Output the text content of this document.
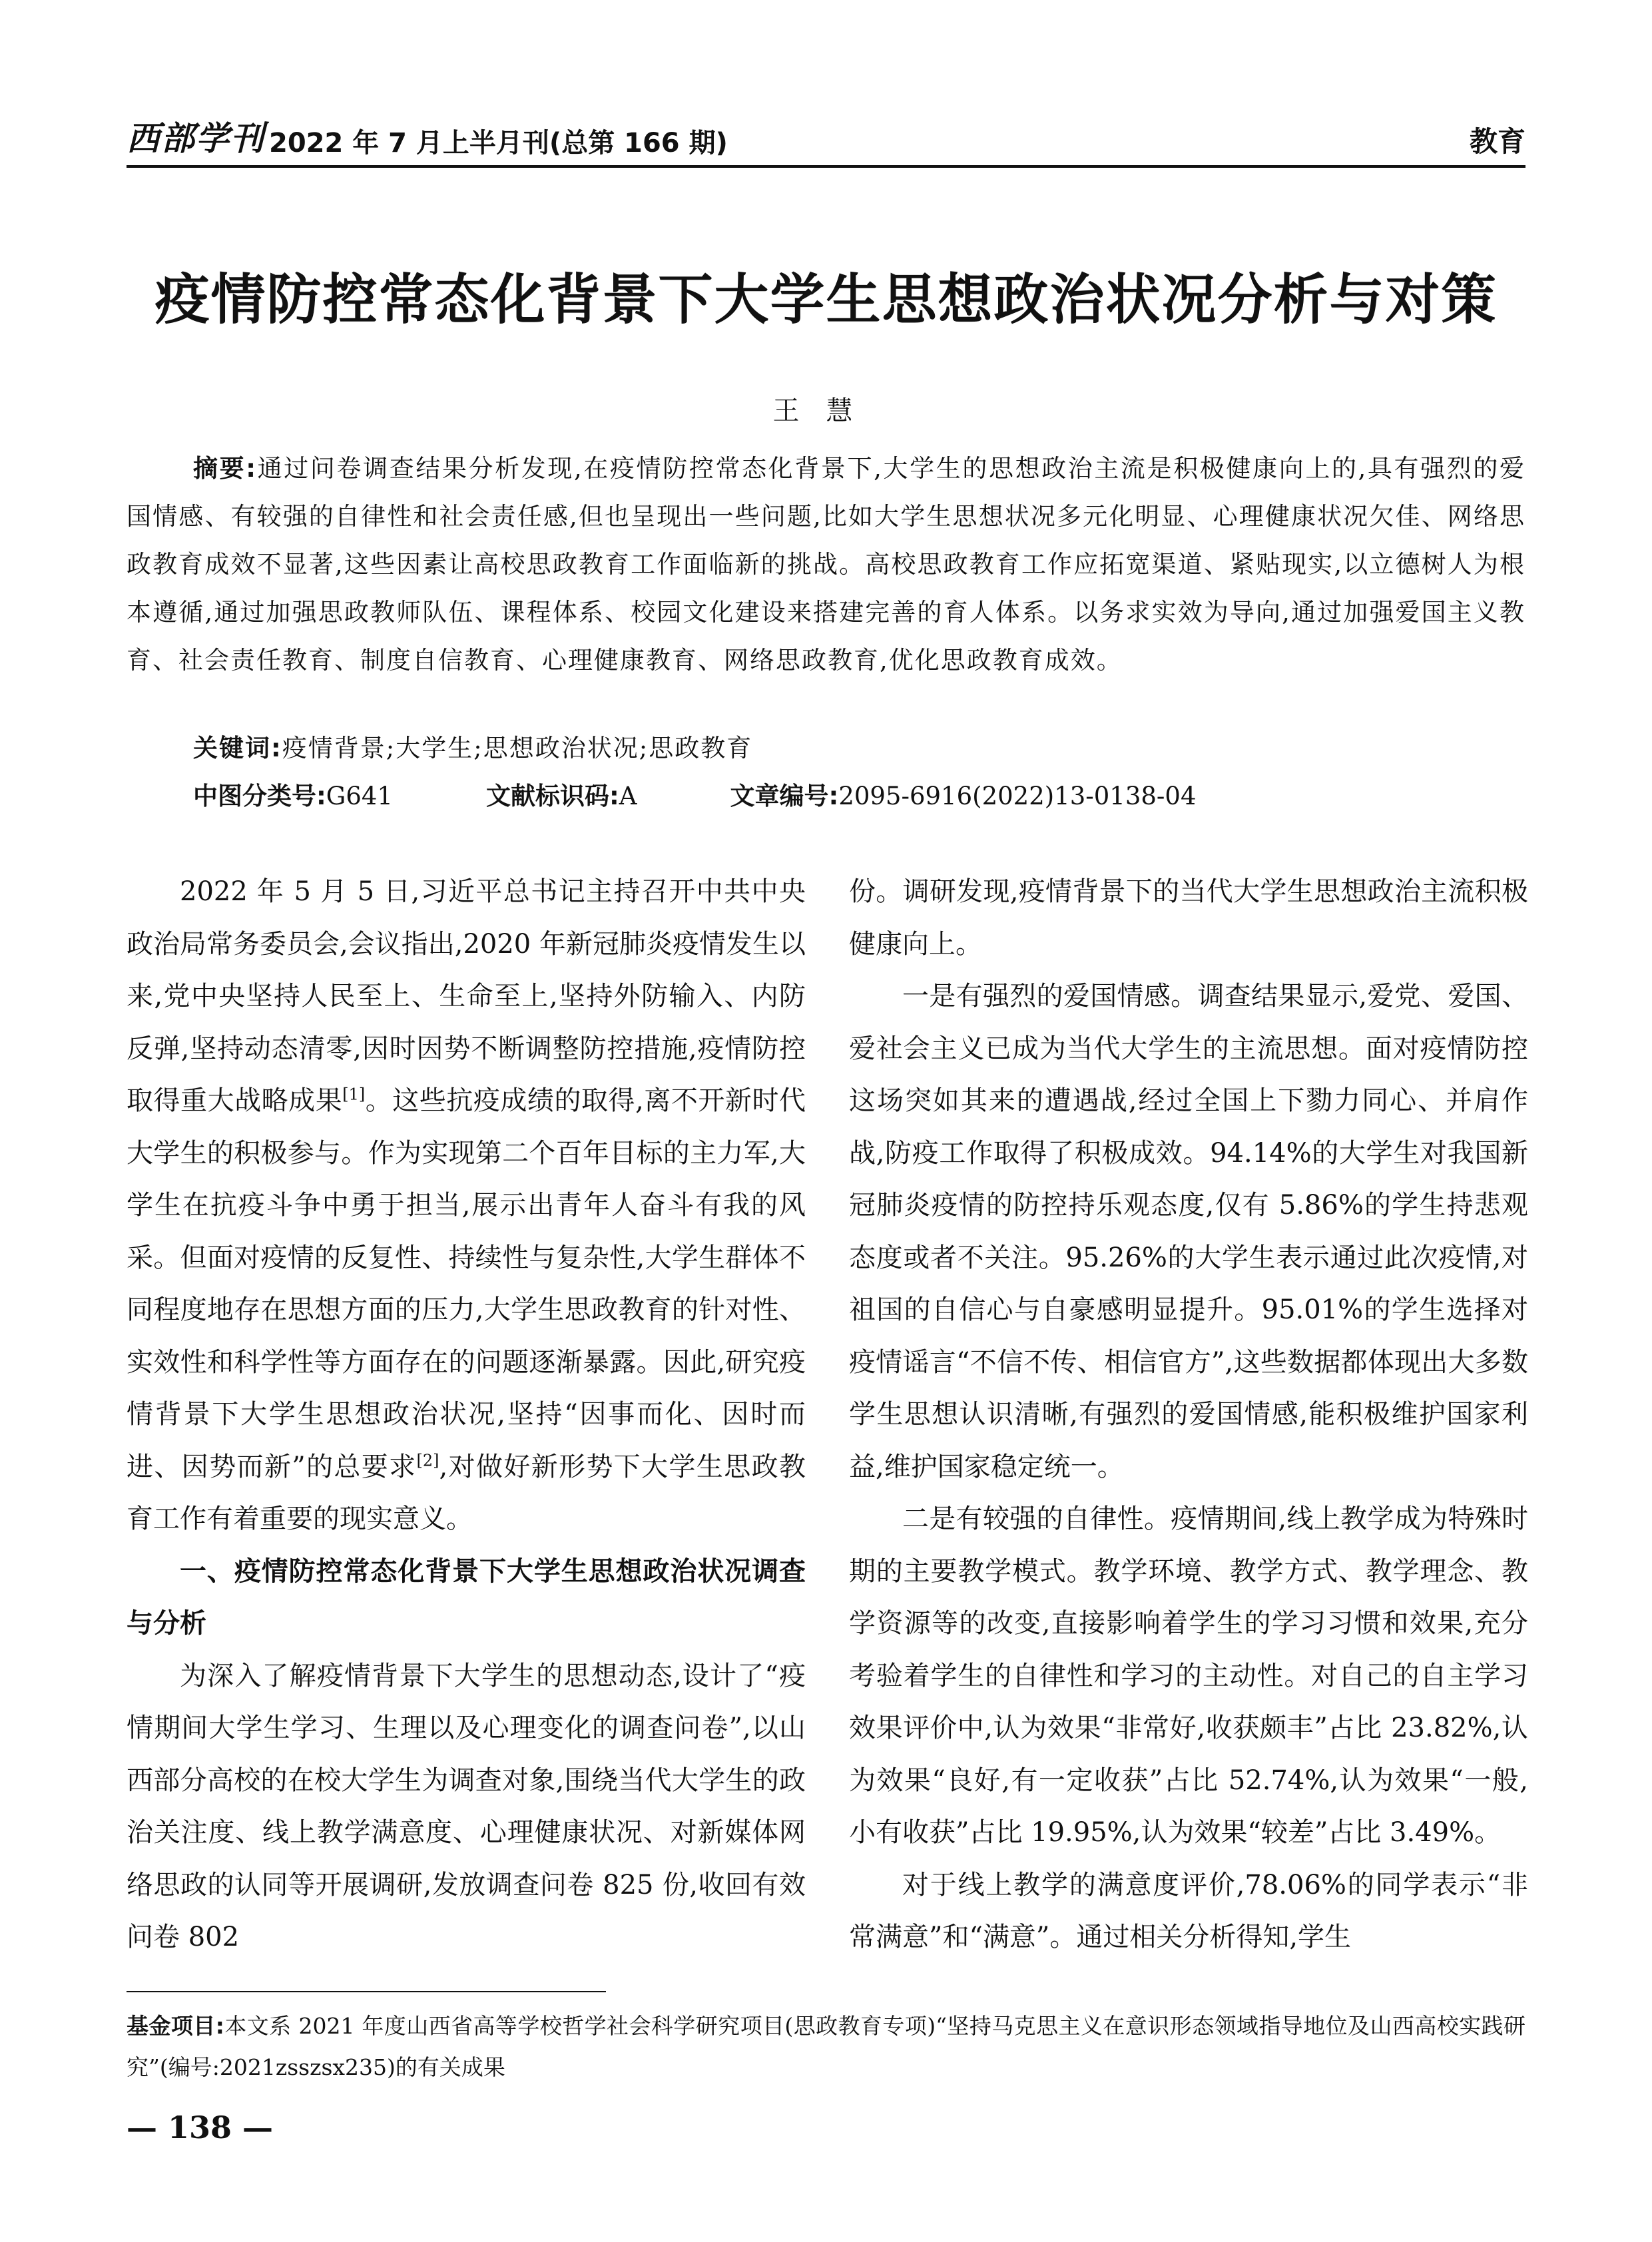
西部学刊 2022 年 7 月上半月刊(总第 166 期)	教育
疫情防控常态化背景下大学生思想政治状况分析与对策
王慧

摘要:通过问卷调查结果分析发现,在疫情防控常态化背景下,大学生的思想政治主流是积极健康向上的,具有强烈的爱国情感、有较强的自律性和社会责任感,但也呈现出一些问题,比如大学生思想状况多元化明显、心理健康状况欠佳、网络思政教育成效不显著,这些因素让高校思政教育工作面临新的挑战。高校思政教育工作应拓宽渠道、紧贴现实,以立德树人为根本遵循,通过加强思政教师队伍、课程体系、校园文化建设来搭建完善的育人体系。以务求实效为导向,通过加强爱国主义教育、社会责任教育、制度自信教育、心理健康教育、网络思政教育,优化思政教育成效。

关键词:疫情背景;大学生;思想政治状况;思政教育
中图分类号:G641	文献标识码:A	文章编号:2095-6916(2022)13-0138-04

2022 年 5 月 5 日,习近平总书记主持召开中共中央政治局常务委员会,会议指出,2020 年新冠肺炎疫情发生以来,党中央坚持人民至上、生命至上,坚持外防输入、内防反弹,坚持动态清零,因时因势不断调整防控措施,疫情防控取得重大战略成果[1]。这些抗疫成绩的取得,离不开新时代大学生的积极参与。作为实现第二个百年目标的主力军,大学生在抗疫斗争中勇于担当,展示出青年人奋斗有我的风采。但面对疫情的反复性、持续性与复杂性,大学生群体不同程度地存在思想方面的压力,大学生思政教育的针对性、实效性和科学性等方面存在的问题逐渐暴露。因此,研究疫情背景下大学生思想政治状况,坚持“因事而化、因时而进、因势而新”的总要求[2],对做好新形势下大学生思政教育工作有着重要的现实意义。

一、疫情防控常态化背景下大学生思想政治状况调查与分析

为深入了解疫情背景下大学生的思想动态,设计了“疫情期间大学生学习、生理以及心理变化的调查问卷”,以山西部分高校的在校大学生为调查对象,围绕当代大学生的政治关注度、线上教学满意度、心理健康状况、对新媒体网络思政的认同等开展调研,发放调查问卷 825 份,收回有效问卷 802

份。调研发现,疫情背景下的当代大学生思想政治主流积极健康向上。

一是有强烈的爱国情感。调查结果显示,爱党、爱国、爱社会主义已成为当代大学生的主流思想。面对疫情防控这场突如其来的遭遇战,经过全国上下勠力同心、并肩作战,防疫工作取得了积极成效。94.14%的大学生对我国新冠肺炎疫情的防控持乐观态度,仅有 5.86%的学生持悲观态度或者不关注。95.26%的大学生表示通过此次疫情,对祖国的自信心与自豪感明显提升。95.01%的学生选择对疫情谣言“不信不传、相信官方”,这些数据都体现出大多数学生思想认识清晰,有强烈的爱国情感,能积极维护国家利益,维护国家稳定统一。

二是有较强的自律性。疫情期间,线上教学成为特殊时期的主要教学模式。教学环境、教学方式、教学理念、教学资源等的改变,直接影响着学生的学习习惯和效果,充分考验着学生的自律性和学习的主动性。对自己的自主学习效果评价中,认为效果“非常好,收获颇丰”占比 23.82%,认为效果“良好,有一定收获”占比 52.74%,认为效果“一般,小有收获”占比 19.95%,认为效果“较差”占比 3.49%。

对于线上教学的满意度评价,78.06%的同学表示“非常满意”和“满意”。通过相关分析得知,学生

基金项目:本文系 2021 年度山西省高等学校哲学社会科学研究项目(思政教育专项)“坚持马克思主义在意识形态领域指导地位及山西高校实践研究”(编号:2021zsszsx235)的有关成果
— 138 —
